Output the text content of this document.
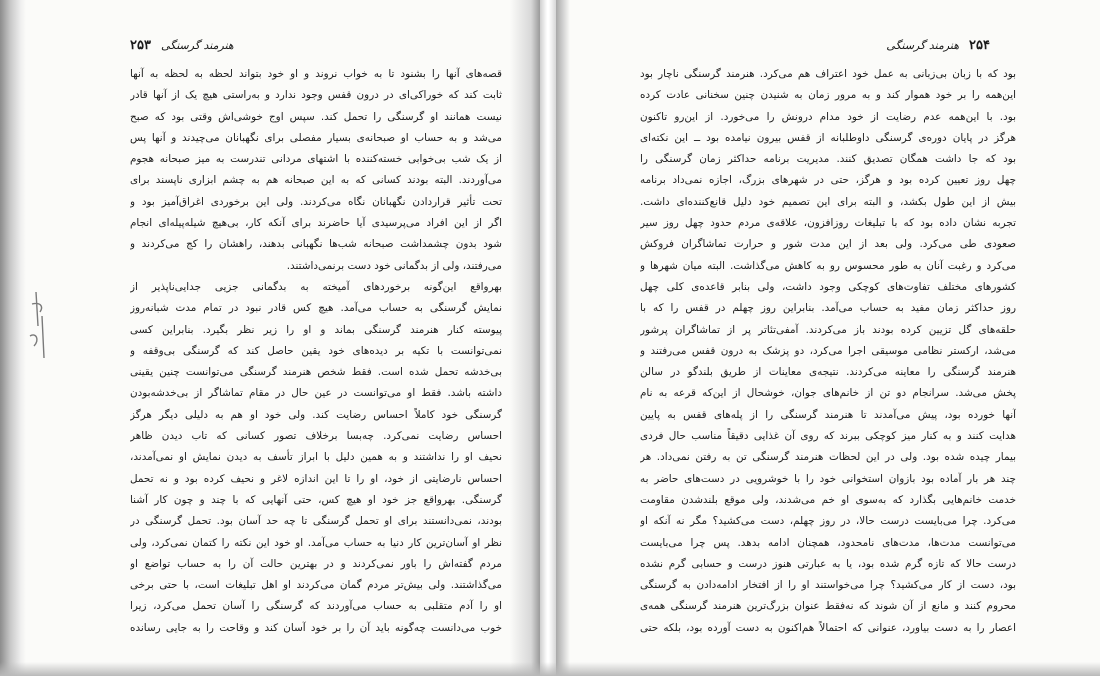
هنرمند گرسنگی
۲۵۳
قصه‌های آنها را بشنود تا به خواب نروند و او خود بتواند لحظه به لحظه به آنها
ثابت کند که خوراکی‌ای در درون قفس وجود ندارد و به‌راستی هیچ یک از آنها قادر
نیست همانند او گرسنگی را تحمل کند. سپس اوج خوشی‌اش وقتی بود که صبح
می‌شد و به حساب او صبحانه‌ی بسیار مفصلی برای نگهبانان می‌چیدند و آنها پس
از یک شب بی‌خوابی خسته‌کننده با اشتهای مردانی تندرست به میز صبحانه هجوم
می‌آوردند. البته بودند کسانی که به این صبحانه هم به چشم ابزاری ناپسند برای
تحت تأثیر قراردادن نگهبانان نگاه می‌کردند. ولی این برخوردی اغراق‌آمیز بود و
اگر از این افراد می‌پرسیدی آیا حاضرند برای آنکه کار، بی‌هیچ شیله‌پیله‌ای انجام
شود بدون چشمداشت صبحانه شب‌ها نگهبانی بدهند، راهشان را کج می‌کردند و
می‌رفتند، ولی از بدگمانی خود دست برنمی‌داشتند.
بهرواقع این‌گونه برخوردهای آمیخته به بدگمانی جزیی جدایی‌ناپذیر از
نمایش گرسنگی به حساب می‌آمد. هیچ کس قادر نبود در تمام مدت شبانه‌روز
پیوسته کنار هنرمند گرسنگی بماند و او را زیر نظر بگیرد. بنابراین کسی
نمی‌توانست با تکیه بر دیده‌های خود یقین حاصل کند که گرسنگی بی‌وقفه و
بی‌خدشه تحمل شده است. فقط شخص هنرمند گرسنگی می‌توانست چنین یقینی
داشته باشد. فقط او می‌توانست در عین حال در مقام تماشاگر از بی‌خدشه‌بودن
گرسنگی خود کاملاً احساس رضایت کند. ولی خود او هم به دلیلی دیگر هرگز
احساس رضایت نمی‌کرد. چه‌بسا برخلاف تصور کسانی که تاب دیدن ظاهر
نحیف او را نداشتند و به همین دلیل با ابراز تأسف به دیدن نمایش او نمی‌آمدند،
احساس نارضایتی از خود، او را تا این اندازه لاغر و نحیف کرده بود و نه تحمل
گرسنگی. بهرواقع جز خود او هیچ کس، حتی آنهایی که با چند و چون کار آشنا
بودند، نمی‌دانستند برای او تحمل گرسنگی تا چه حد آسان بود. تحمل گرسنگی در
نظر او آسان‌ترین کار دنیا به حساب می‌آمد. او خود این نکته را کتمان نمی‌کرد، ولی
مردم گفته‌اش را باور نمی‌کردند و در بهترین حالت آن را به حساب تواضع او
می‌گذاشتند. ولی بیش‌تر مردم گمان می‌کردند او اهل تبلیغات است، با حتی برخی
او را آدم متقلبی به حساب می‌آوردند که گرسنگی را آسان تحمل می‌کرد، زیرا
خوب می‌دانست چه‌گونه باید آن را بر خود آسان کند و وقاحت را به جایی رسانده
۲۵۴
هنرمند گرسنگی
بود که با زبان بی‌زبانی به عمل خود اعتراف هم می‌کرد. هنرمند گرسنگی ناچار بود
این‌همه را بر خود هموار کند و به مرور زمان به شنیدن چنین سخنانی عادت کرده
بود. با این‌همه عدم رضایت از خود مدام درونش را می‌خورد. از این‌رو تاکنون
هرگز در پایان دوره‌ی گرسنگی داوطلبانه از قفس بیرون نیامده بود ــ این نکته‌ای
بود که جا داشت همگان تصدیق کنند. مدیریت برنامه حداکثر زمان گرسنگی را
چهل روز تعیین کرده بود و هرگز، حتی در شهرهای بزرگ، اجازه نمی‌داد برنامه
بیش از این طول بکشد، و البته برای این تصمیم خود دلیل قانع‌کننده‌ای داشت.
تجربه نشان داده بود که با تبلیغات روزافزون، علاقه‌ی مردم حدود چهل روز سیر
صعودی طی می‌کرد. ولی بعد از این مدت شور و حرارت تماشاگران فروکش
می‌کرد و رغبت آنان به طور محسوس رو به کاهش می‌گذاشت. البته میان شهرها و
کشورهای مختلف تفاوت‌های کوچکی وجود داشت، ولی بنابر قاعده‌ی کلی چهل
روز حداکثر زمان مفید به حساب می‌آمد. بنابراین روز چهلم در قفس را که با
حلقه‌های گل تزیین کرده بودند باز می‌کردند. آمفی‌تئاتر پر از تماشاگران پرشور
می‌شد، ارکستر نظامی موسیقی اجرا می‌کرد، دو پزشک به درون قفس می‌رفتند و
هنرمند گرسنگی را معاینه می‌کردند. نتیجه‌ی معاینات از طریق بلندگو در سالن
پخش می‌شد. سرانجام دو تن از خانم‌های جوان، خوشحال از این‌که قرعه به نام
آنها خورده بود، پیش می‌آمدند تا هنرمند گرسنگی را از پله‌های قفس به پایین
هدایت کنند و به کنار میز کوچکی ببرند که روی آن غذایی دقیقاً مناسب حال فردی
بیمار چیده شده بود. ولی در این لحظات هنرمند گرسنگی تن به رفتن نمی‌داد. هر
چند هر بار آماده بود بازوان استخوانی خود را با خوشرویی در دست‌های حاضر به
خدمت خانم‌هایی بگذارد که به‌سوی او خم می‌شدند، ولی موقع بلندشدن مقاومت
می‌کرد. چرا می‌بایست درست حالا، در روز چهلم، دست می‌کشید؟ مگر نه آنکه او
می‌توانست مدت‌ها، مدت‌های نامحدود، همچنان ادامه بدهد. پس چرا می‌بایست
درست حالا که تازه گرم شده بود، یا به عبارتی هنوز درست و حسابی گرم نشده
بود، دست از کار می‌کشید؟ چرا می‌خواستند او را از افتخار ادامه‌دادن به گرسنگی
محروم کنند و مانع از آن شوند که نه‌فقط عنوان بزرگ‌ترین هنرمند گرسنگی همه‌ی
اعصار را به دست بیاورد، عنوانی که احتمالاً هم‌اکنون به دست آورده بود، بلکه حتی
